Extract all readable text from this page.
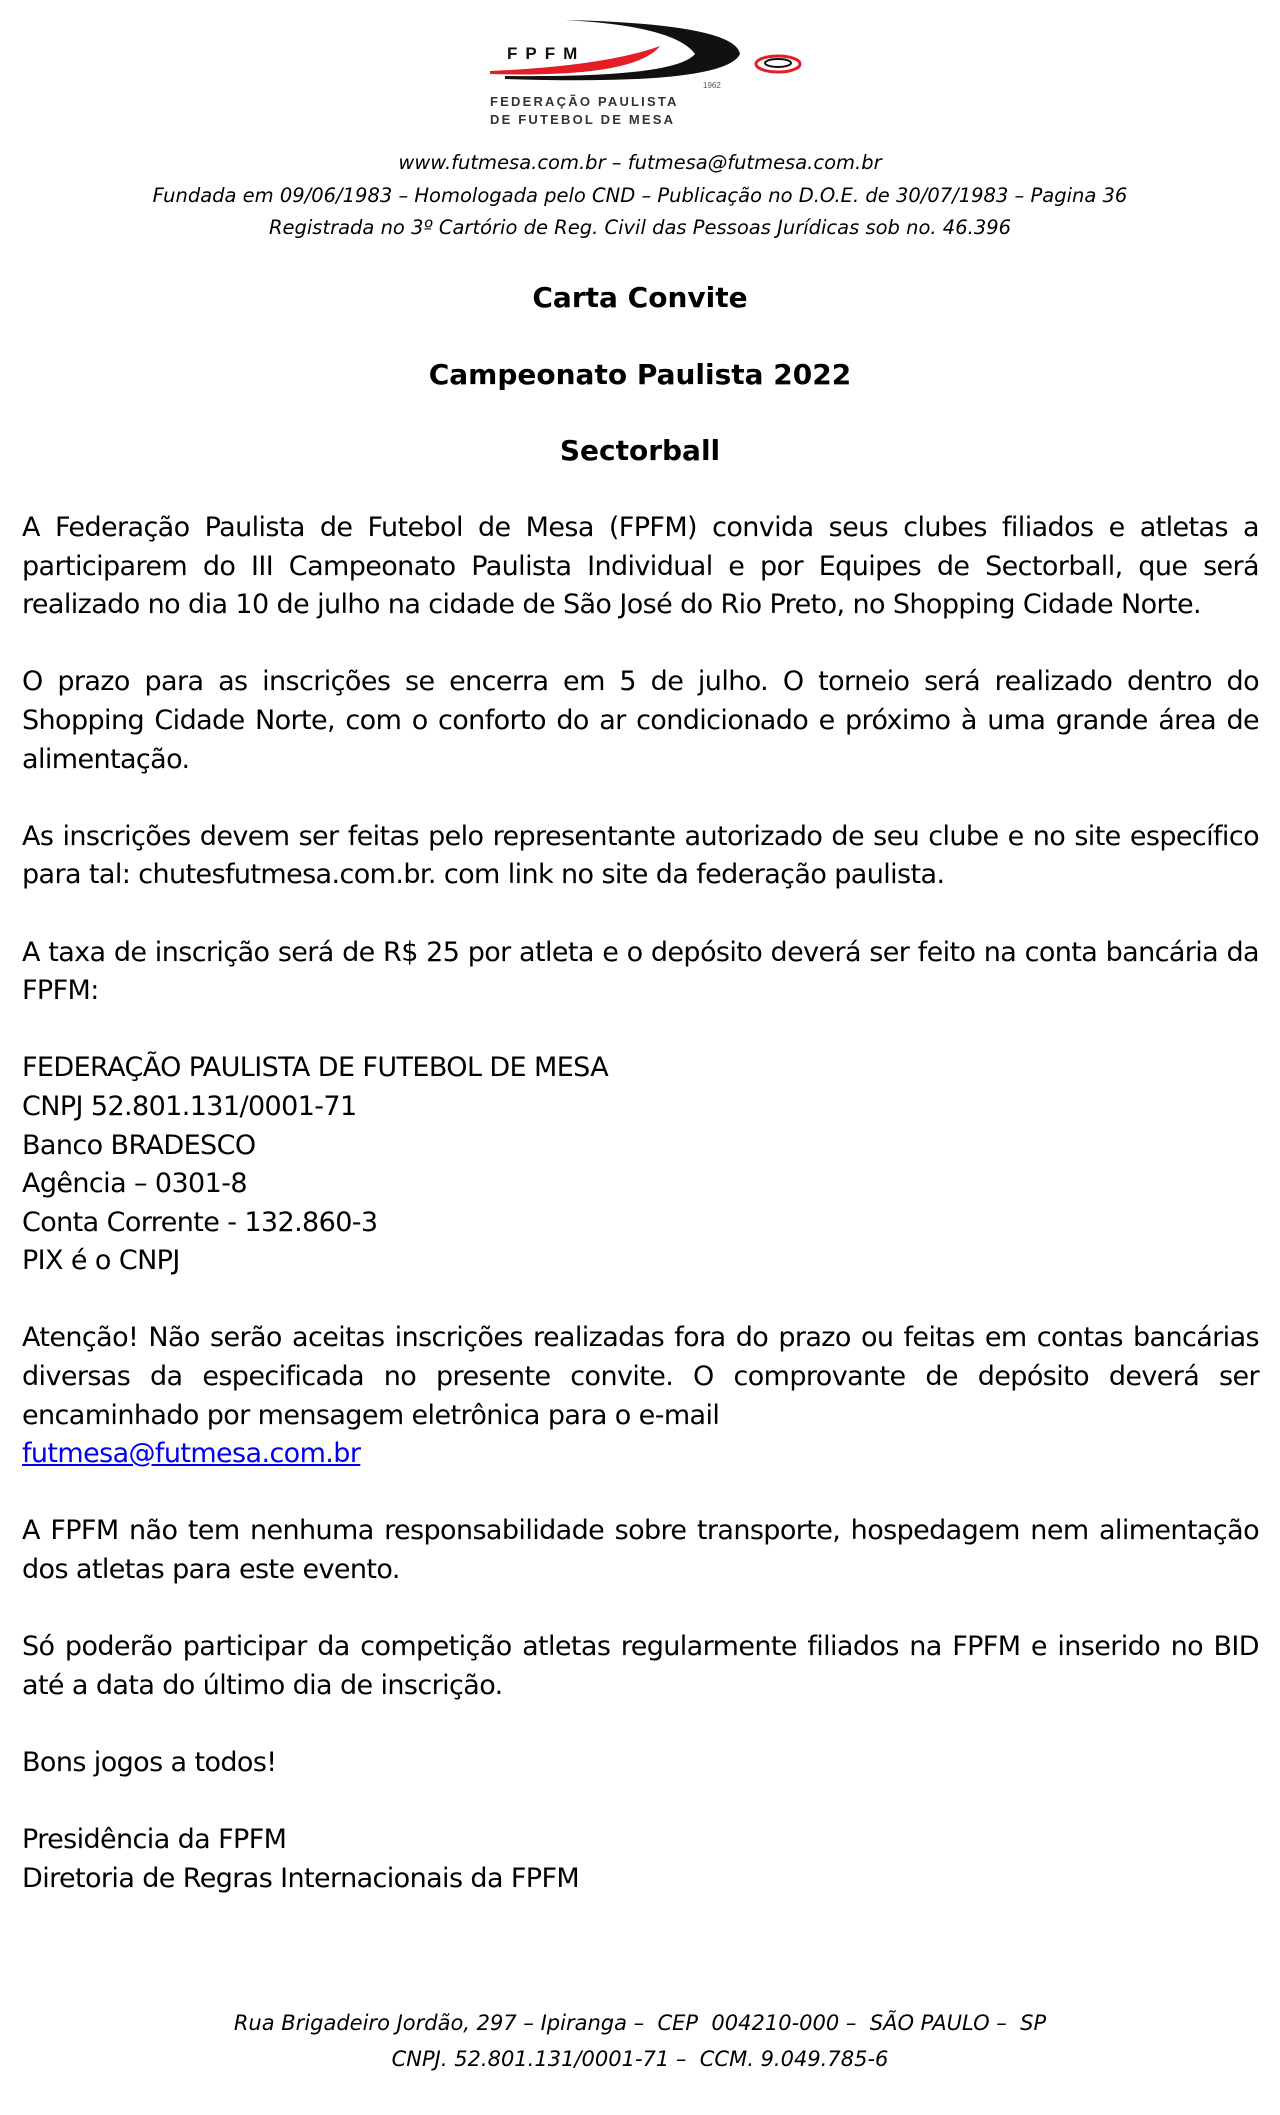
FPFM
1962
FEDERAÇÃO PAULISTA
DE FUTEBOL DE MESA
www.futmesa.com.br – futmesa@futmesa.com.br
Fundada em 09/06/1983 – Homologada pelo CND – Publicação no D.O.E. de 30/07/1983 – Pagina 36
Registrada no 3º Cartório de Reg. Civil das Pessoas Jurídicas sob no. 46.396
Carta Convite
Campeonato Paulista 2022
Sectorball

A Federação Paulista de Futebol de Mesa (FPFM) convida seus clubes filiados e atletas a participarem do III Campeonato Paulista Individual e por Equipes de Sectorball, que será realizado no dia 10 de julho na cidade de São José do Rio Preto, no Shopping Cidade Norte.

O prazo para as inscrições se encerra em 5 de julho. O torneio será realizado dentro do Shopping Cidade Norte, com o conforto do ar condicionado e próximo à uma grande área de alimentação.

As inscrições devem ser feitas pelo representante autorizado de seu clube e no site específico para tal: chutesfutmesa.com.br. com link no site da federação paulista.

A taxa de inscrição será de R$ 25 por atleta e o depósito deverá ser feito na conta bancária da FPFM:

FEDERAÇÃO PAULISTA DE FUTEBOL DE MESA
CNPJ 52.801.131/0001-71
Banco BRADESCO
Agência – 0301-8
Conta Corrente - 132.860-3
PIX é o CNPJ

Atenção! Não serão aceitas inscrições realizadas fora do prazo ou feitas em contas bancárias diversas da especificada no presente convite. O comprovante de depósito deverá ser encaminhado por mensagem eletrônica para o e-mail
futmesa@futmesa.com.br

A FPFM não tem nenhuma responsabilidade sobre transporte, hospedagem nem alimentação dos atletas para este evento.

Só poderão participar da competição atletas regularmente filiados na FPFM e inserido no BID até a data do último dia de inscrição.

Bons jogos a todos!

Presidência da FPFM
Diretoria de Regras Internacionais da FPFM

Rua Brigadeiro Jordão, 297 – Ipiranga –  CEP  004210-000 –  SÃO PAULO –  SP
CNPJ. 52.801.131/0001-71 –  CCM. 9.049.785-6
